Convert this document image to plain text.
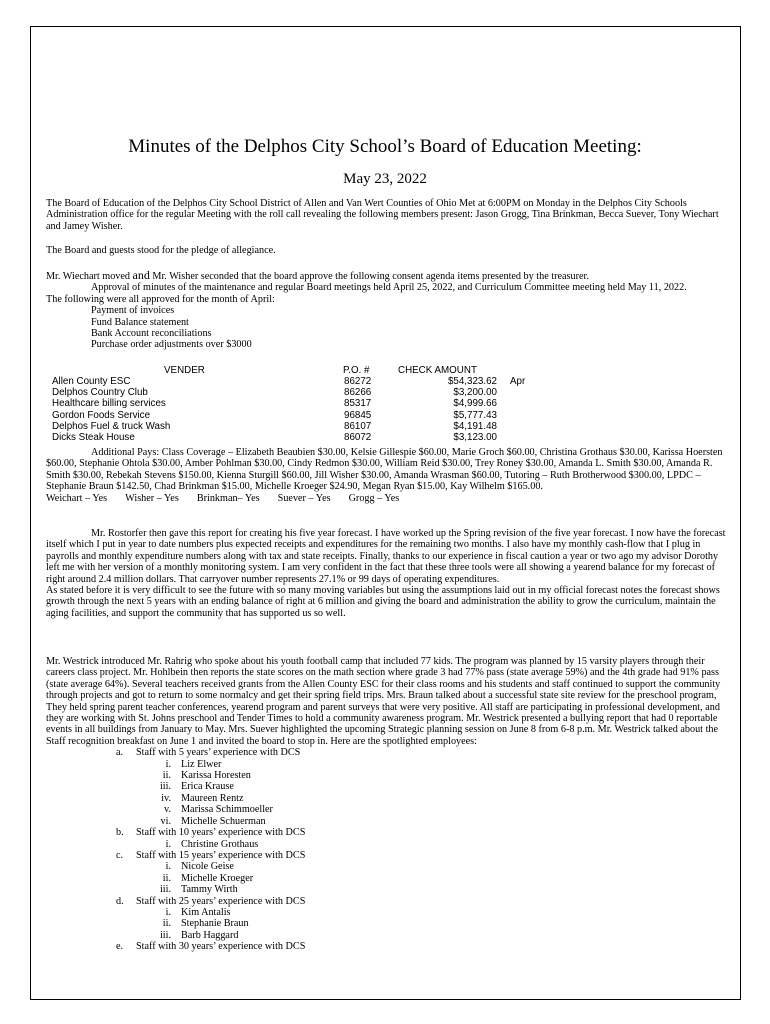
Minutes of the Delphos City School’s Board of Education Meeting:
May 23, 2022

The Board of Education of the Delphos City School District of Allen and Van Wert Counties of Ohio Met at 6:00PM on Monday in the Delphos City Schools Administration office for the regular Meeting with the roll call revealing the following members present: Jason Grogg, Tina Brinkman, Becca Suever, Tony Wiechart and Jamey Wisher.

The Board and guests stood for the pledge of allegiance.

Mr. Wiechart moved and Mr. Wisher seconded that the board approve the following consent agenda items presented by the treasurer.

Approval of minutes of the maintenance and regular Board meetings held April 25, 2022, and Curriculum Committee meeting held May 11, 2022.

The following were all approved for the month of April:

Payment of invoices

Fund Balance statement

Bank Account reconciliations

Purchase order adjustments over $3000

VENDER	P.O. #	CHECK AMOUNT
Allen County ESC	86272	$54,323.62 Apr
Delphos Country Club	86266	$3,200.00
Healthcare billing services	85317	$4,999.66
Gordon Foods Service	96845	$5,777.43
Delphos Fuel & truck Wash	86107	$4,191.48
Dicks Steak House	86072	$3,123.00

Additional Pays: Class Coverage – Elizabeth Beaubien $30.00, Kelsie Gillespie $60.00, Marie Groch $60.00, Christina Grothaus $30.00, Karissa Hoersten $60.00, Stephanie Ohtola $30.00, Amber Pohlman $30.00, Cindy Redmon $30.00, William Reid $30.00, Trey Roney $30.00, Amanda L. Smith $30.00, Amanda R. Smith $30.00, Rebekah Stevens $150.00, Kienna Sturgill $60.00, Jill Wisher $30.00, Amanda Wrasman $60.00, Tutoring – Ruth Brotherwood $300.00, LPDC – Stephanie Braun $142.50, Chad Brinkman $15.00, Michelle Kroeger $24.90, Megan Ryan $15.00, Kay Wilhelm $165.00.

Weichart – Yes Wisher – Yes Brinkman– Yes Suever – Yes Grogg – Yes

Mr. Rostorfer then gave this report for creating his five year forecast. I have worked up the Spring revision of the five year forecast. I now have the forecast itself which I put in year to date numbers plus expected receipts and expenditures for the remaining two months. I also have my monthly cash-flow that I plug in payrolls and monthly expenditure numbers along with tax and state receipts. Finally, thanks to our experience in fiscal caution a year or two ago my advisor Dorothy left me with her version of a monthly monitoring system. I am very confident in the fact that these three tools were all showing a yearend balance for my forecast of right around 2.4 million dollars. That carryover number represents 27.1% or 99 days of operating expenditures.

As stated before it is very difficult to see the future with so many moving variables but using the assumptions laid out in my official forecast notes the forecast shows growth through the next 5 years with an ending balance of right at 6 million and giving the board and administration the ability to grow the curriculum, maintain the aging facilities, and support the community that has supported us so well.

Mr. Westrick introduced Mr. Rahrig who spoke about his youth football camp that included 77 kids. The program was planned by 15 varsity players through their careers class project. Mr. Hohlbein then reports the state scores on the math section where grade 3 had 77% pass (state average 59%) and the 4th grade had 91% pass (state average 64%). Several teachers received grants from the Allen County ESC for their class rooms and his students and staff continued to support the community through projects and got to return to some normalcy and get their spring field trips. Mrs. Braun talked about a successful state site review for the preschool program, They held spring parent teacher conferences, yearend program and parent surveys that were very positive. All staff are participating in professional development, and they are working with St. Johns preschool and Tender Times to hold a community awareness program. Mr. Westrick presented a bullying report that had 0 reportable events in all buildings from January to May. Mrs. Suever highlighted the upcoming Strategic planning session on June 8 from 6-8 p.m. Mr. Westrick talked about the Staff recognition breakfast on June 1 and invited the board to stop in. Here are the spotlighted employees:

a. Staff with 5 years’ experience with DCS
i. Liz Elwer
ii. Karissa Horesten
iii. Erica Krause
iv. Maureen Rentz
v. Marissa Schimmoeller
vi. Michelle Schuerman
b. Staff with 10 years’ experience with DCS
i. Christine Grothaus
c. Staff with 15 years’ experience with DCS
i. Nicole Geise
ii. Michelle Kroeger
iii. Tammy Wirth
d. Staff with 25 years’ experience with DCS
i. Kim Antalis
ii. Stephanie Braun
iii. Barb Haggard
e. Staff with 30 years’ experience with DCS
